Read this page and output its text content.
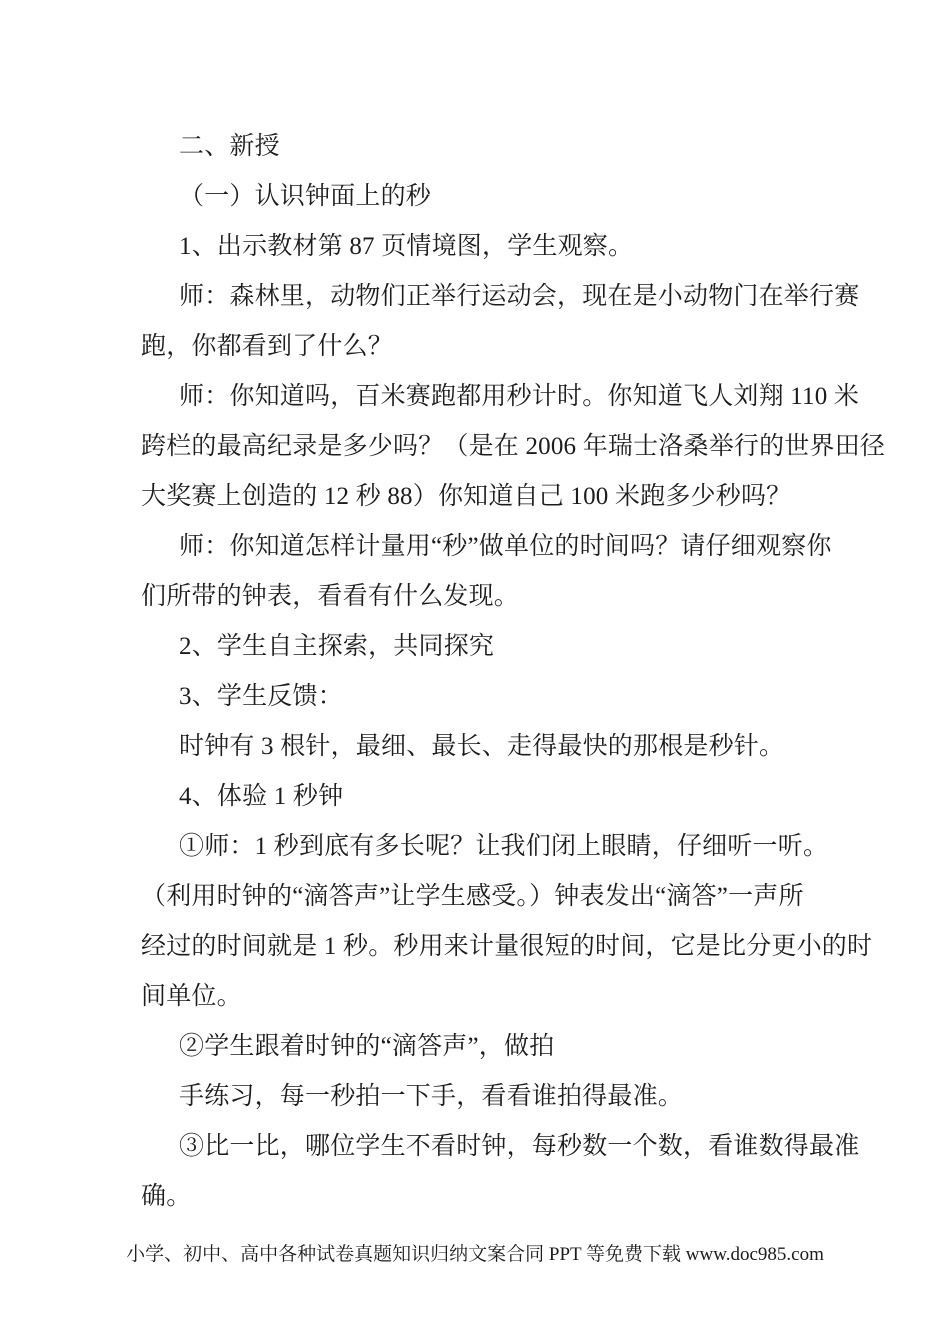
二、新授
（一）认识钟面上的秒
1、出示教材第 87 页情境图，学生观察。
师：森林里，动物们正举行运动会，现在是小动物门在举行赛
跑，你都看到了什么？
师：你知道吗，百米赛跑都用秒计时。你知道飞人刘翔 110 米
跨栏的最高纪录是多少吗？（是在 2006 年瑞士洛桑举行的世界田径
大奖赛上创造的 12 秒 88）你知道自己 100 米跑多少秒吗？
师：你知道怎样计量用“秒”做单位的时间吗？请仔细观察你
们所带的钟表，看看有什么发现。
2、学生自主探索，共同探究
3、学生反馈：
时钟有 3 根针，最细、最长、走得最快的那根是秒针。
4、体验 1 秒钟
①师：1 秒到底有多长呢？让我们闭上眼睛，仔细听一听。
（利用时钟的“滴答声”让学生感受。）钟表发出“滴答”一声所
经过的时间就是 1 秒。秒用来计量很短的时间，它是比分更小的时
间单位。
②学生跟着时钟的“滴答声”，做拍
手练习，每一秒拍一下手，看看谁拍得最准。
③比一比，哪位学生不看时钟，每秒数一个数，看谁数得最准
确。
小学、初中、高中各种试卷真题知识归纳文案合同 PPT 等免费下载 www.doc985.com
